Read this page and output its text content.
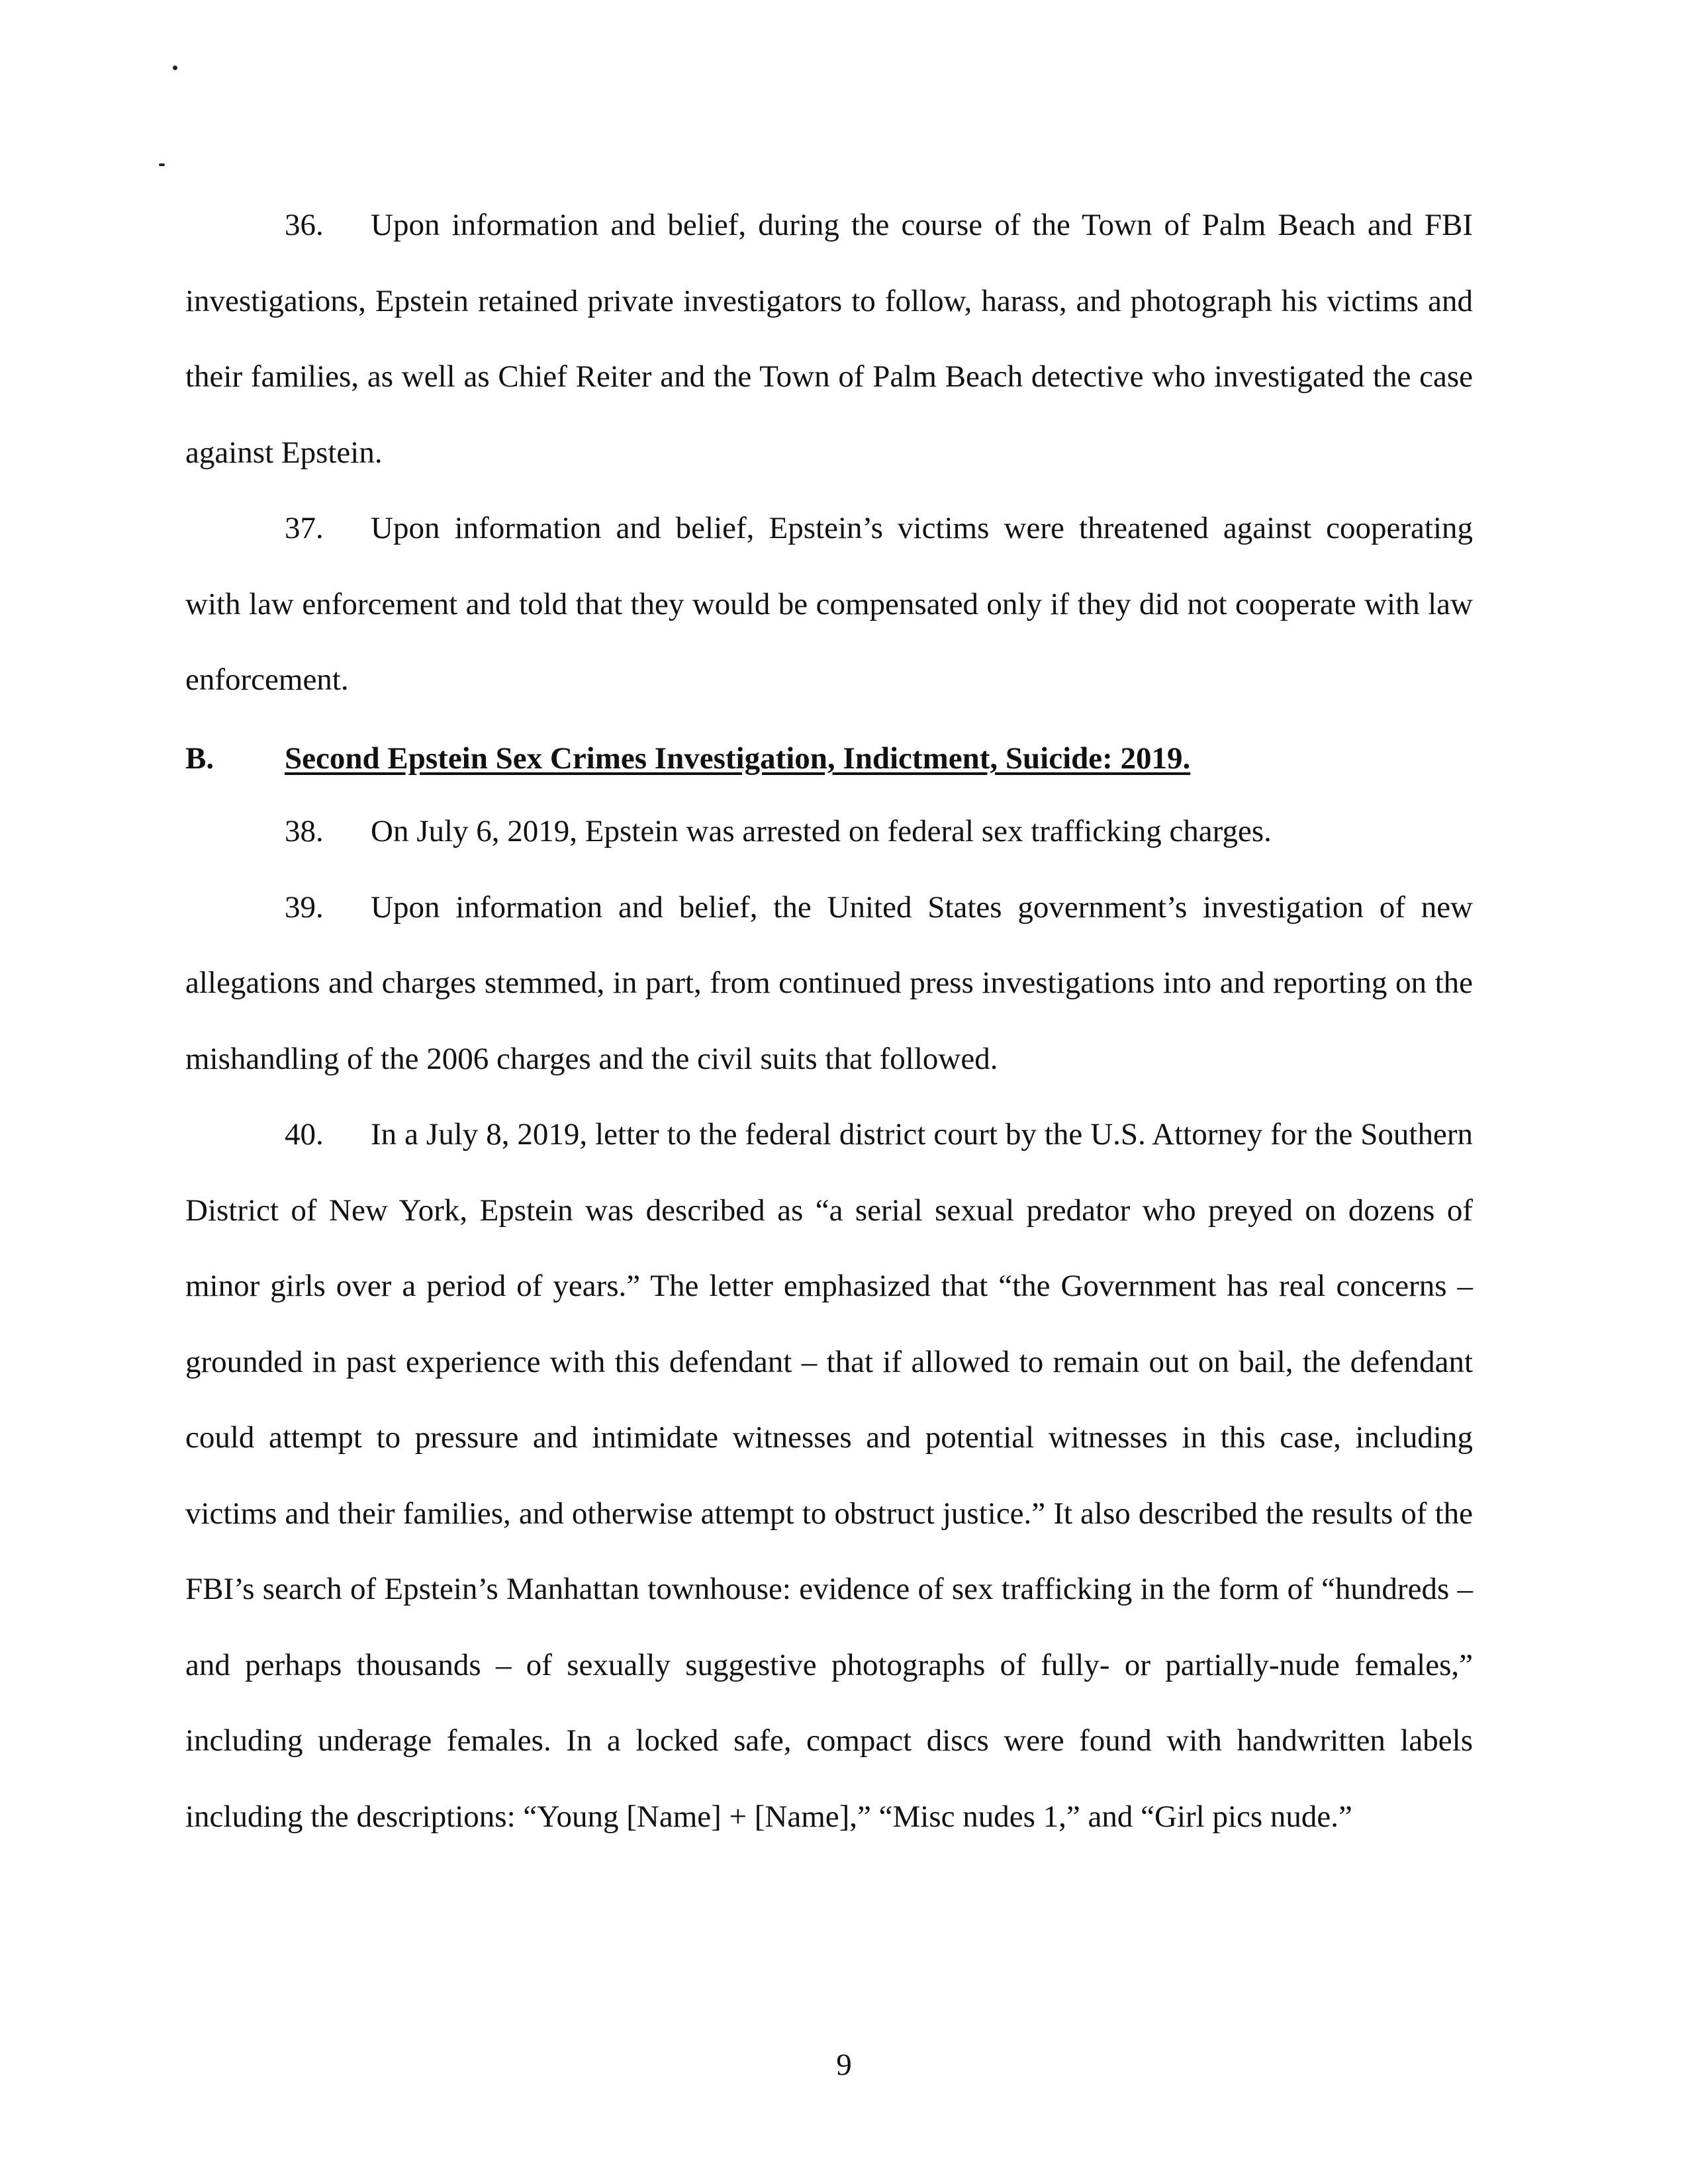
36. Upon information and belief, during the course of the Town of Palm Beach and FBI investigations, Epstein retained private investigators to follow, harass, and photograph his victims and their families, as well as Chief Reiter and the Town of Palm Beach detective who investigated the case against Epstein.

37. Upon information and belief, Epstein’s victims were threatened against cooperating with law enforcement and told that they would be compensated only if they did not cooperate with law enforcement.

B. Second Epstein Sex Crimes Investigation, Indictment, Suicide: 2019.

38. On July 6, 2019, Epstein was arrested on federal sex trafficking charges.

39. Upon information and belief, the United States government’s investigation of new allegations and charges stemmed, in part, from continued press investigations into and reporting on the mishandling of the 2006 charges and the civil suits that followed.

40. In a July 8, 2019, letter to the federal district court by the U.S. Attorney for the Southern District of New York, Epstein was described as “a serial sexual predator who preyed on dozens of minor girls over a period of years.” The letter emphasized that “the Government has real concerns – grounded in past experience with this defendant – that if allowed to remain out on bail, the defendant could attempt to pressure and intimidate witnesses and potential witnesses in this case, including victims and their families, and otherwise attempt to obstruct justice.” It also described the results of the FBI’s search of Epstein’s Manhattan townhouse: evidence of sex trafficking in the form of “hundreds – and perhaps thousands – of sexually suggestive photographs of fully- or partially-nude females,” including underage females. In a locked safe, compact discs were found with handwritten labels including the descriptions: “Young [Name] + [Name],” “Misc nudes 1,” and “Girl pics nude.”

9
